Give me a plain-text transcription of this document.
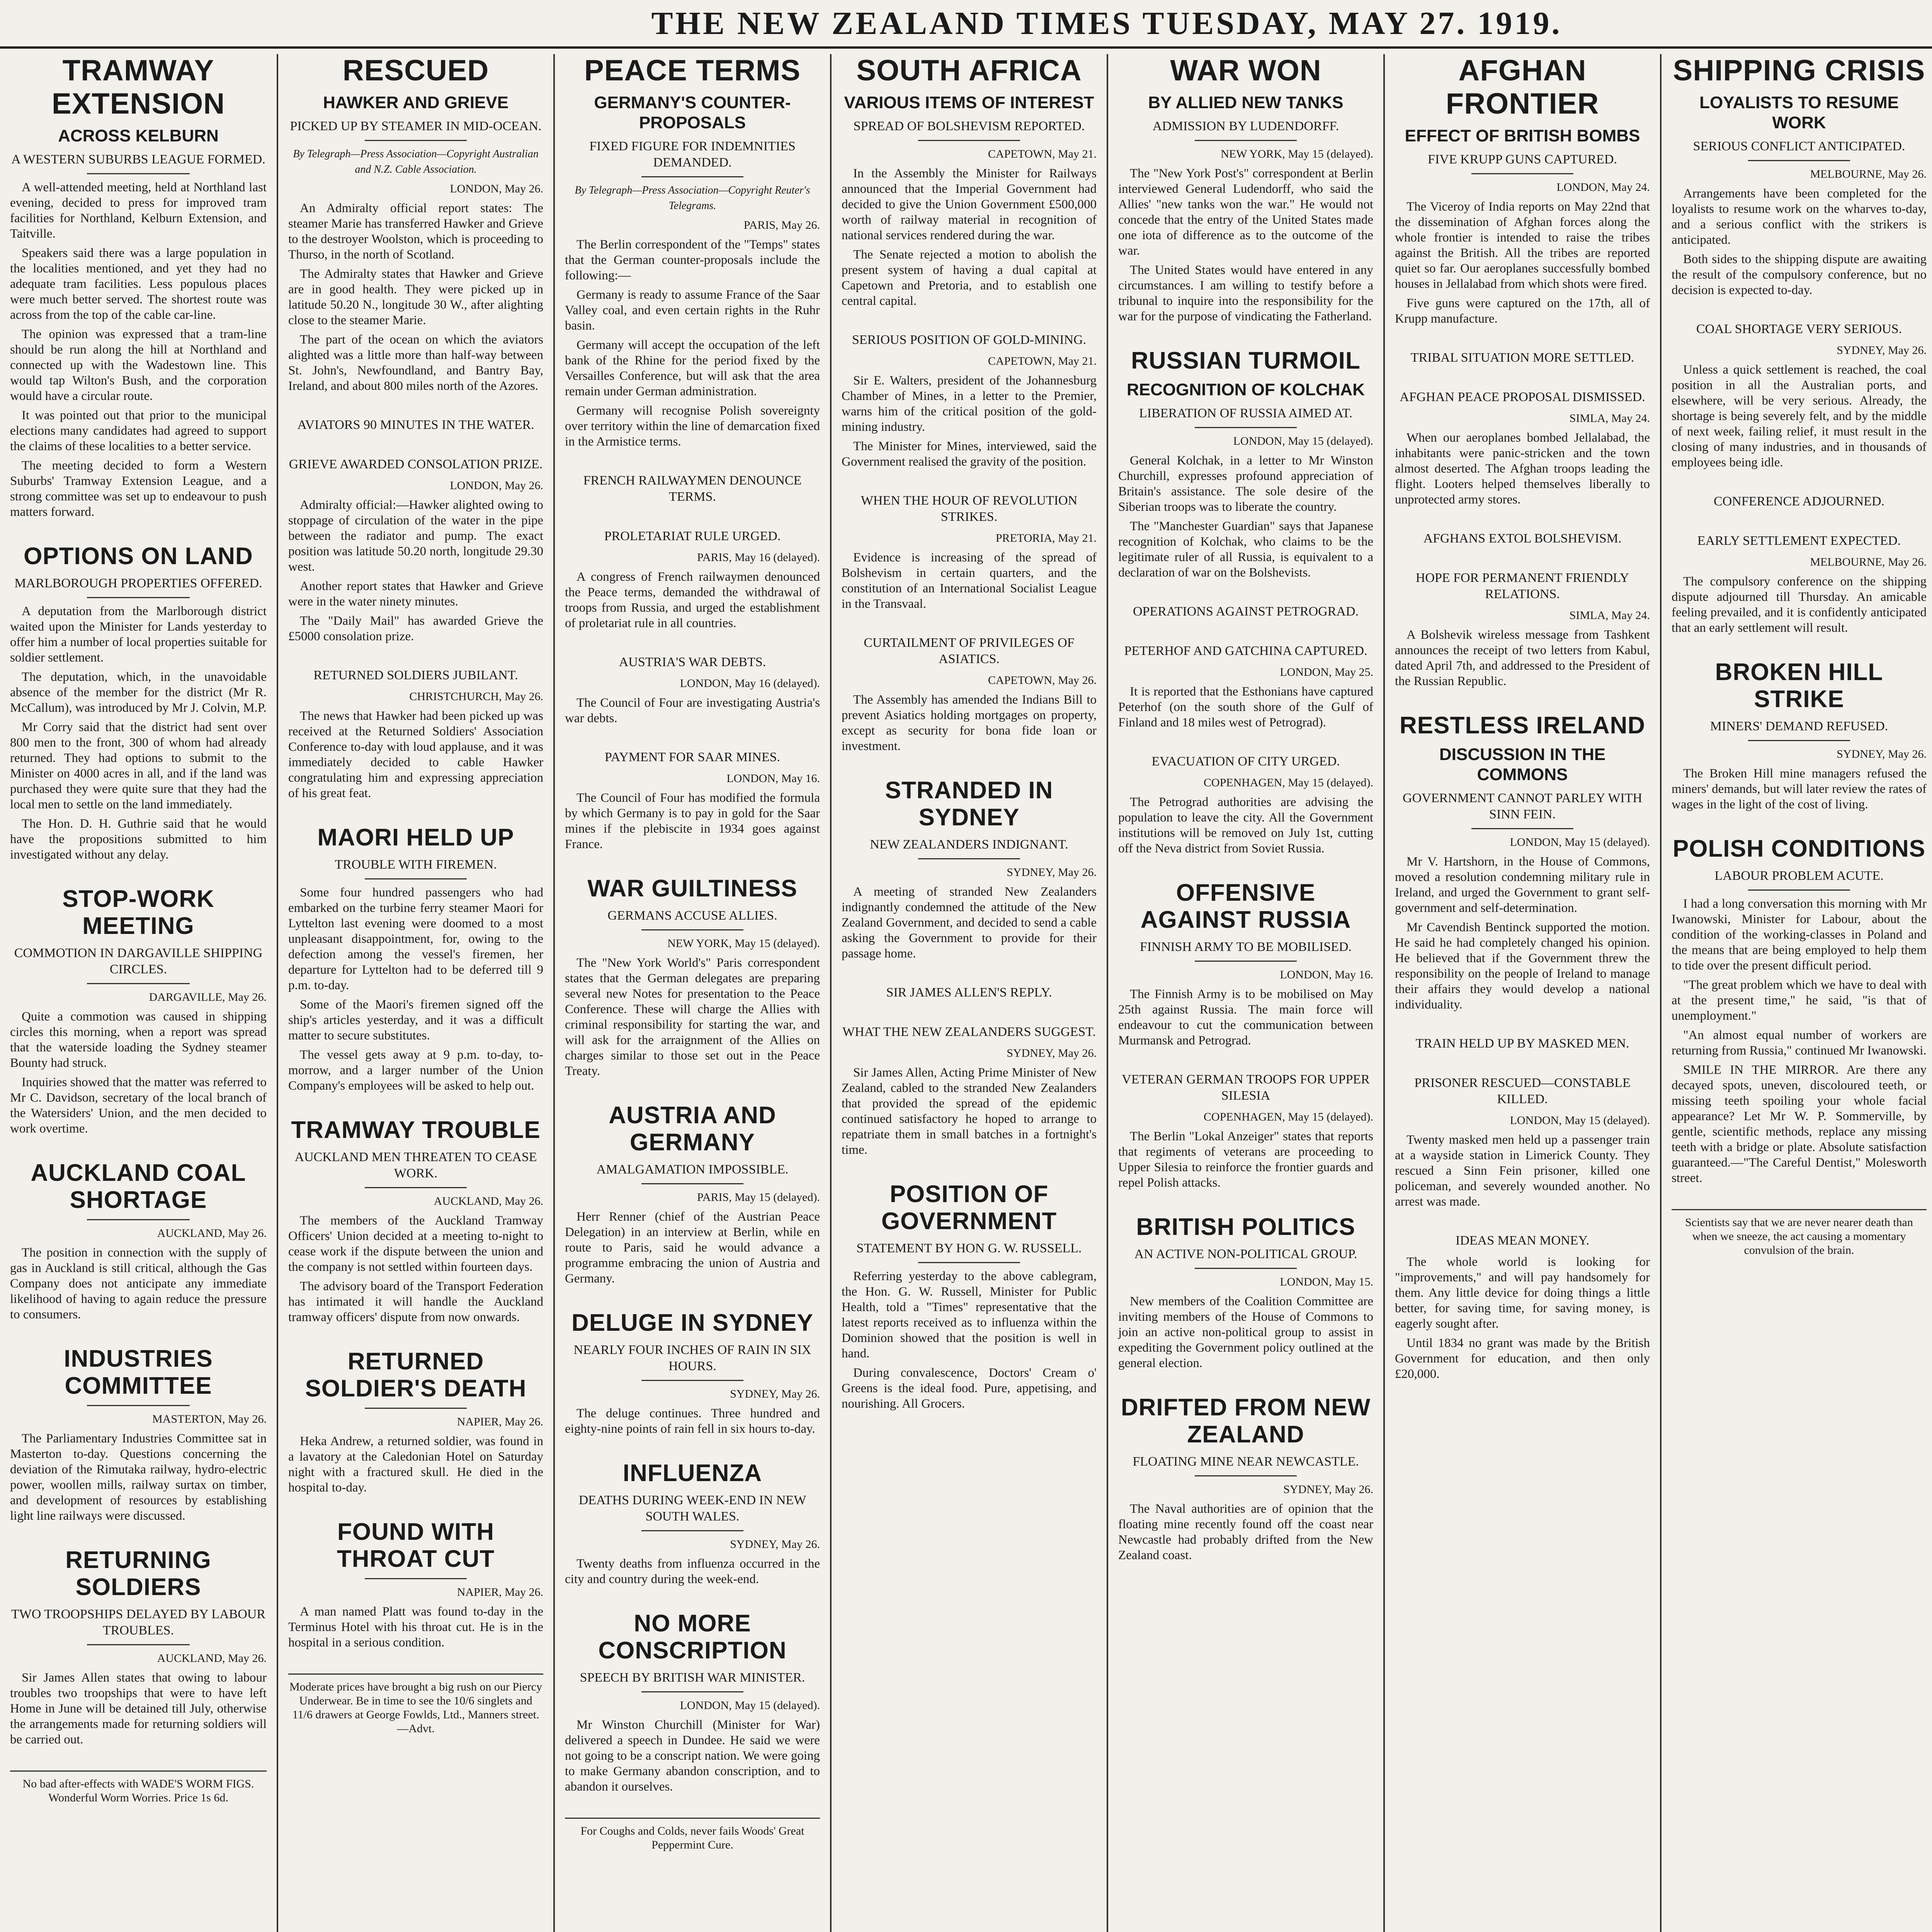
THE NEW ZEALAND TIMES TUESDAY, MAY 27. 1919.
TRAMWAY EXTENSION
ACROSS KELBURN
A WESTERN SUBURBS LEAGUE FORMED.

A well-attended meeting, held at Northland last evening, decided to press for improved tram facilities for Northland, Kelburn Extension, and Taitville.

Speakers said there was a large population in the localities mentioned, and yet they had no adequate tram facilities. Less populous places were much better served. The shortest route was across from the top of the cable car-line.

The opinion was expressed that a tram-line should be run along the hill at Northland and connected up with the Wadestown line. This would tap Wilton's Bush, and the corporation would have a circular route.

It was pointed out that prior to the municipal elections many candidates had agreed to support the claims of these localities to a better service.

The meeting decided to form a Western Suburbs' Tramway Extension League, and a strong committee was set up to endeavour to push matters forward.

OPTIONS ON LAND
MARLBOROUGH PROPERTIES OFFERED.

A deputation from the Marlborough district waited upon the Minister for Lands yesterday to offer him a number of local properties suitable for soldier settlement.

The deputation, which, in the unavoidable absence of the member for the district (Mr R. McCallum), was introduced by Mr J. Colvin, M.P.

Mr Corry said that the district had sent over 800 men to the front, 300 of whom had already returned. They had options to submit to the Minister on 4000 acres in all, and if the land was purchased they were quite sure that they had the local men to settle on the land immediately.

The Hon. D. H. Guthrie said that he would have the propositions submitted to him investigated without any delay.

STOP-WORK MEETING
COMMOTION IN DARGAVILLE SHIPPING CIRCLES.

DARGAVILLE, May 26.

Quite a commotion was caused in shipping circles this morning, when a report was spread that the waterside loading the Sydney steamer Bounty had struck.

Inquiries showed that the matter was referred to Mr C. Davidson, secretary of the local branch of the Watersiders' Union, and the men decided to work overtime.

AUCKLAND COAL SHORTAGE

AUCKLAND, May 26.

The position in connection with the supply of gas in Auckland is still critical, although the Gas Company does not anticipate any immediate likelihood of having to again reduce the pressure to consumers.

INDUSTRIES COMMITTEE

MASTERTON, May 26.

The Parliamentary Industries Committee sat in Masterton to-day. Questions concerning the deviation of the Rimutaka railway, hydro-electric power, woollen mills, railway surtax on timber, and development of resources by establishing light line railways were discussed.

RETURNING SOLDIERS
TWO TROOPSHIPS DELAYED BY LABOUR TROUBLES.

AUCKLAND, May 26.

Sir James Allen states that owing to labour troubles two troopships that were to have left Home in June will be detained till July, otherwise the arrangements made for returning soldiers will be carried out.

No bad after-effects with WADE'S WORM FIGS. Wonderful Worm Worries. Price 1s 6d.

RESCUED
HAWKER AND GRIEVE
PICKED UP BY STEAMER IN MID-OCEAN.

By Telegraph—Press Association—Copyright Australian and N.Z. Cable Association.

LONDON, May 26.

An Admiralty official report states: The steamer Marie has transferred Hawker and Grieve to the destroyer Woolston, which is proceeding to Thurso, in the north of Scotland.

The Admiralty states that Hawker and Grieve are in good health. They were picked up in latitude 50.20 N., longitude 30 W., after alighting close to the steamer Marie.

The part of the ocean on which the aviators alighted was a little more than half-way between St. John's, Newfoundland, and Bantry Bay, Ireland, and about 800 miles north of the Azores.

AVIATORS 90 MINUTES IN THE WATER.
GRIEVE AWARDED CONSOLATION PRIZE.

LONDON, May 26.

Admiralty official:—Hawker alighted owing to stoppage of circulation of the water in the pipe between the radiator and pump. The exact position was latitude 50.20 north, longitude 29.30 west.

Another report states that Hawker and Grieve were in the water ninety minutes.

The "Daily Mail" has awarded Grieve the £5000 consolation prize.

RETURNED SOLDIERS JUBILANT.

CHRISTCHURCH, May 26.

The news that Hawker had been picked up was received at the Returned Soldiers' Association Conference to-day with loud applause, and it was immediately decided to cable Hawker congratulating him and expressing appreciation of his great feat.

MAORI HELD UP
TROUBLE WITH FIREMEN.

Some four hundred passengers who had embarked on the turbine ferry steamer Maori for Lyttelton last evening were doomed to a most unpleasant disappointment, for, owing to the defection among the vessel's firemen, her departure for Lyttelton had to be deferred till 9 p.m. to-day.

Some of the Maori's firemen signed off the ship's articles yesterday, and it was a difficult matter to secure substitutes.

The vessel gets away at 9 p.m. to-day, to-morrow, and a larger number of the Union Company's employees will be asked to help out.

TRAMWAY TROUBLE
AUCKLAND MEN THREATEN TO CEASE WORK.

AUCKLAND, May 26.

The members of the Auckland Tramway Officers' Union decided at a meeting to-night to cease work if the dispute between the union and the company is not settled within fourteen days.

The advisory board of the Transport Federation has intimated it will handle the Auckland tramway officers' dispute from now onwards.

RETURNED SOLDIER'S DEATH

NAPIER, May 26.

Heka Andrew, a returned soldier, was found in a lavatory at the Caledonian Hotel on Saturday night with a fractured skull. He died in the hospital to-day.

FOUND WITH THROAT CUT

NAPIER, May 26.

A man named Platt was found to-day in the Terminus Hotel with his throat cut. He is in the hospital in a serious condition.

Moderate prices have brought a big rush on our Piercy Underwear. Be in time to see the 10/6 singlets and 11/6 drawers at George Fowlds, Ltd., Manners street.—Advt.

PEACE TERMS
GERMANY'S COUNTER-PROPOSALS
FIXED FIGURE FOR INDEMNITIES DEMANDED.

By Telegraph—Press Association—Copyright Reuter's Telegrams.

PARIS, May 26.

The Berlin correspondent of the "Temps" states that the German counter-proposals include the following:—

Germany is ready to assume France of the Saar Valley coal, and even certain rights in the Ruhr basin.

Germany will accept the occupation of the left bank of the Rhine for the period fixed by the Versailles Conference, but will ask that the area remain under German administration.

Germany will recognise Polish sovereignty over territory within the line of demarcation fixed in the Armistice terms.

FRENCH RAILWAYMEN DENOUNCE TERMS.
PROLETARIAT RULE URGED.

PARIS, May 16 (delayed).

A congress of French railwaymen denounced the Peace terms, demanded the withdrawal of troops from Russia, and urged the establishment of proletariat rule in all countries.

AUSTRIA'S WAR DEBTS.

LONDON, May 16 (delayed).

The Council of Four are investigating Austria's war debts.

PAYMENT FOR SAAR MINES.

LONDON, May 16.

The Council of Four has modified the formula by which Germany is to pay in gold for the Saar mines if the plebiscite in 1934 goes against France.

WAR GUILTINESS
GERMANS ACCUSE ALLIES.

NEW YORK, May 15 (delayed).

The "New York World's" Paris correspondent states that the German delegates are preparing several new Notes for presentation to the Peace Conference. These will charge the Allies with criminal responsibility for starting the war, and will ask for the arraignment of the Allies on charges similar to those set out in the Peace Treaty.

AUSTRIA AND GERMANY
AMALGAMATION IMPOSSIBLE.

PARIS, May 15 (delayed).

Herr Renner (chief of the Austrian Peace Delegation) in an interview at Berlin, while en route to Paris, said he would advance a programme embracing the union of Austria and Germany.

DELUGE IN SYDNEY
NEARLY FOUR INCHES OF RAIN IN SIX HOURS.

SYDNEY, May 26.

The deluge continues. Three hundred and eighty-nine points of rain fell in six hours to-day.

INFLUENZA
DEATHS DURING WEEK-END IN NEW SOUTH WALES.

SYDNEY, May 26.

Twenty deaths from influenza occurred in the city and country during the week-end.

NO MORE CONSCRIPTION
SPEECH BY BRITISH WAR MINISTER.

LONDON, May 15 (delayed).

Mr Winston Churchill (Minister for War) delivered a speech in Dundee. He said we were not going to be a conscript nation. We were going to make Germany abandon conscription, and to abandon it ourselves.

For Coughs and Colds, never fails Woods' Great Peppermint Cure.

SOUTH AFRICA
VARIOUS ITEMS OF INTEREST
SPREAD OF BOLSHEVISM REPORTED.

CAPETOWN, May 21.

In the Assembly the Minister for Railways announced that the Imperial Government had decided to give the Union Government £500,000 worth of railway material in recognition of national services rendered during the war.

The Senate rejected a motion to abolish the present system of having a dual capital at Capetown and Pretoria, and to establish one central capital.

SERIOUS POSITION OF GOLD-MINING.

CAPETOWN, May 21.

Sir E. Walters, president of the Johannesburg Chamber of Mines, in a letter to the Premier, warns him of the critical position of the gold-mining industry.

The Minister for Mines, interviewed, said the Government realised the gravity of the position.

WHEN THE HOUR OF REVOLUTION STRIKES.

PRETORIA, May 21.

Evidence is increasing of the spread of Bolshevism in certain quarters, and the constitution of an International Socialist League in the Transvaal.

CURTAILMENT OF PRIVILEGES OF ASIATICS.

CAPETOWN, May 26.

The Assembly has amended the Indians Bill to prevent Asiatics holding mortgages on property, except as security for bona fide loan or investment.

STRANDED IN SYDNEY
NEW ZEALANDERS INDIGNANT.

SYDNEY, May 26.

A meeting of stranded New Zealanders indignantly condemned the attitude of the New Zealand Government, and decided to send a cable asking the Government to provide for their passage home.

SIR JAMES ALLEN'S REPLY.
WHAT THE NEW ZEALANDERS SUGGEST.

SYDNEY, May 26.

Sir James Allen, Acting Prime Minister of New Zealand, cabled to the stranded New Zealanders that provided the spread of the epidemic continued satisfactory he hoped to arrange to repatriate them in small batches in a fortnight's time.

POSITION OF GOVERNMENT
STATEMENT BY HON G. W. RUSSELL.

Referring yesterday to the above cablegram, the Hon. G. W. Russell, Minister for Public Health, told a "Times" representative that the latest reports received as to influenza within the Dominion showed that the position is well in hand.

During convalescence, Doctors' Cream o' Greens is the ideal food. Pure, appetising, and nourishing. All Grocers.

WAR WON
BY ALLIED NEW TANKS
ADMISSION BY LUDENDORFF.

NEW YORK, May 15 (delayed).

The "New York Post's" correspondent at Berlin interviewed General Ludendorff, who said the Allies' "new tanks won the war." He would not concede that the entry of the United States made one iota of difference as to the outcome of the war.

The United States would have entered in any circumstances. I am willing to testify before a tribunal to inquire into the responsibility for the war for the purpose of vindicating the Fatherland.

RUSSIAN TURMOIL
RECOGNITION OF KOLCHAK
LIBERATION OF RUSSIA AIMED AT.

LONDON, May 15 (delayed).

General Kolchak, in a letter to Mr Winston Churchill, expresses profound appreciation of Britain's assistance. The sole desire of the Siberian troops was to liberate the country.

The "Manchester Guardian" says that Japanese recognition of Kolchak, who claims to be the legitimate ruler of all Russia, is equivalent to a declaration of war on the Bolshevists.

OPERATIONS AGAINST PETROGRAD.
PETERHOF AND GATCHINA CAPTURED.

LONDON, May 25.

It is reported that the Esthonians have captured Peterhof (on the south shore of the Gulf of Finland and 18 miles west of Petrograd).

EVACUATION OF CITY URGED.

COPENHAGEN, May 15 (delayed).

The Petrograd authorities are advising the population to leave the city. All the Government institutions will be removed on July 1st, cutting off the Neva district from Soviet Russia.

OFFENSIVE AGAINST RUSSIA
FINNISH ARMY TO BE MOBILISED.

LONDON, May 16.

The Finnish Army is to be mobilised on May 25th against Russia. The main force will endeavour to cut the communication between Murmansk and Petrograd.

VETERAN GERMAN TROOPS FOR UPPER SILESIA

COPENHAGEN, May 15 (delayed).

The Berlin "Lokal Anzeiger" states that reports that regiments of veterans are proceeding to Upper Silesia to reinforce the frontier guards and repel Polish attacks.

BRITISH POLITICS
AN ACTIVE NON-POLITICAL GROUP.

LONDON, May 15.

New members of the Coalition Committee are inviting members of the House of Commons to join an active non-political group to assist in expediting the Government policy outlined at the general election.

DRIFTED FROM NEW ZEALAND
FLOATING MINE NEAR NEWCASTLE.

SYDNEY, May 26.

The Naval authorities are of opinion that the floating mine recently found off the coast near Newcastle had probably drifted from the New Zealand coast.

AFGHAN FRONTIER
EFFECT OF BRITISH BOMBS
FIVE KRUPP GUNS CAPTURED.

LONDON, May 24.

The Viceroy of India reports on May 22nd that the dissemination of Afghan forces along the whole frontier is intended to raise the tribes against the British. All the tribes are reported quiet so far. Our aeroplanes successfully bombed houses in Jellalabad from which shots were fired.

Five guns were captured on the 17th, all of Krupp manufacture.

TRIBAL SITUATION MORE SETTLED.
AFGHAN PEACE PROPOSAL DISMISSED.

SIMLA, May 24.

When our aeroplanes bombed Jellalabad, the inhabitants were panic-stricken and the town almost deserted. The Afghan troops leading the flight. Looters helped themselves liberally to unprotected army stores.

AFGHANS EXTOL BOLSHEVISM.
HOPE FOR PERMANENT FRIENDLY RELATIONS.

SIMLA, May 24.

A Bolshevik wireless message from Tashkent announces the receipt of two letters from Kabul, dated April 7th, and addressed to the President of the Russian Republic.

RESTLESS IRELAND
DISCUSSION IN THE COMMONS
GOVERNMENT CANNOT PARLEY WITH SINN FEIN.

LONDON, May 15 (delayed).

Mr V. Hartshorn, in the House of Commons, moved a resolution condemning military rule in Ireland, and urged the Government to grant self-government and self-determination.

Mr Cavendish Bentinck supported the motion. He said he had completely changed his opinion. He believed that if the Government threw the responsibility on the people of Ireland to manage their affairs they would develop a national individuality.

TRAIN HELD UP BY MASKED MEN.
PRISONER RESCUED—CONSTABLE KILLED.

LONDON, May 15 (delayed).

Twenty masked men held up a passenger train at a wayside station in Limerick County. They rescued a Sinn Fein prisoner, killed one policeman, and severely wounded another. No arrest was made.

IDEAS MEAN MONEY.

The whole world is looking for "improvements," and will pay handsomely for them. Any little device for doing things a little better, for saving time, for saving money, is eagerly sought after.

Until 1834 no grant was made by the British Government for education, and then only £20,000.

SHIPPING CRISIS
LOYALISTS TO RESUME WORK
SERIOUS CONFLICT ANTICIPATED.

MELBOURNE, May 26.

Arrangements have been completed for the loyalists to resume work on the wharves to-day, and a serious conflict with the strikers is anticipated.

Both sides to the shipping dispute are awaiting the result of the compulsory conference, but no decision is expected to-day.

COAL SHORTAGE VERY SERIOUS.

SYDNEY, May 26.

Unless a quick settlement is reached, the coal position in all the Australian ports, and elsewhere, will be very serious. Already, the shortage is being severely felt, and by the middle of next week, failing relief, it must result in the closing of many industries, and in thousands of employees being idle.

CONFERENCE ADJOURNED.
EARLY SETTLEMENT EXPECTED.

MELBOURNE, May 26.

The compulsory conference on the shipping dispute adjourned till Thursday. An amicable feeling prevailed, and it is confidently anticipated that an early settlement will result.

BROKEN HILL STRIKE
MINERS' DEMAND REFUSED.

SYDNEY, May 26.

The Broken Hill mine managers refused the miners' demands, but will later review the rates of wages in the light of the cost of living.

POLISH CONDITIONS
LABOUR PROBLEM ACUTE.

I had a long conversation this morning with Mr Iwanowski, Minister for Labour, about the condition of the working-classes in Poland and the means that are being employed to help them to tide over the present difficult period.

"The great problem which we have to deal with at the present time," he said, "is that of unemployment."

"An almost equal number of workers are returning from Russia," continued Mr Iwanowski.

SMILE IN THE MIRROR. Are there any decayed spots, uneven, discoloured teeth, or missing teeth spoiling your whole facial appearance? Let Mr W. P. Sommerville, by gentle, scientific methods, replace any missing teeth with a bridge or plate. Absolute satisfaction guaranteed.—"The Careful Dentist," Molesworth street.

Scientists say that we are never nearer death than when we sneeze, the act causing a momentary convulsion of the brain.
